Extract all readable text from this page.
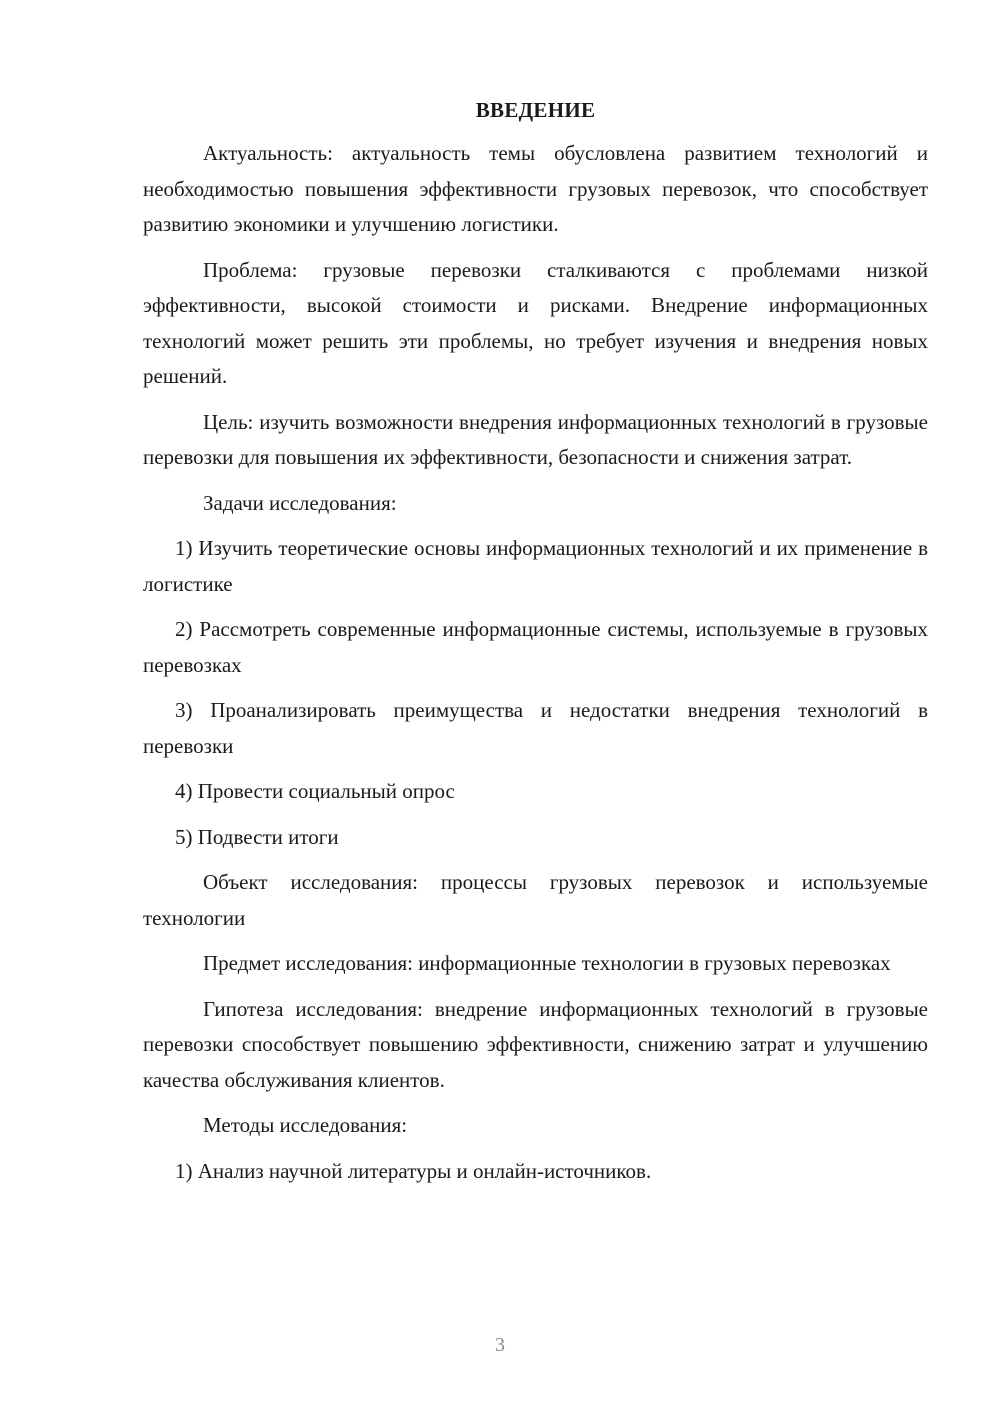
ВВЕДЕНИЕ

Актуальность: актуальность темы обусловлена развитием технологий и необходимостью повышения эффективности грузовых перевозок, что способствует развитию экономики и улучшению логистики.

Проблема: грузовые перевозки сталкиваются с проблемами низкой эффективности, высокой стоимости и рисками. Внедрение информационных технологий может решить эти проблемы, но требует изучения и внедрения новых решений.

Цель: изучить возможности внедрения информационных технологий в грузовые перевозки для повышения их эффективности, безопасности и снижения затрат.

Задачи исследования:

1) Изучить теоретические основы информационных технологий и их применение в логистике

2) Рассмотреть современные информационные системы, используемые в грузовых перевозках

3) Проанализировать преимущества и недостатки внедрения технологий в перевозки

4) Провести социальный опрос

5) Подвести итоги

Объект исследования: процессы грузовых перевозок и используемые технологии

Предмет исследования: информационные технологии в грузовых перевозках

Гипотеза исследования: внедрение информационных технологий в грузовые перевозки способствует повышению эффективности, снижению затрат и улучшению качества обслуживания клиентов.

Методы исследования:

1) Анализ научной литературы и онлайн-источников.

3
